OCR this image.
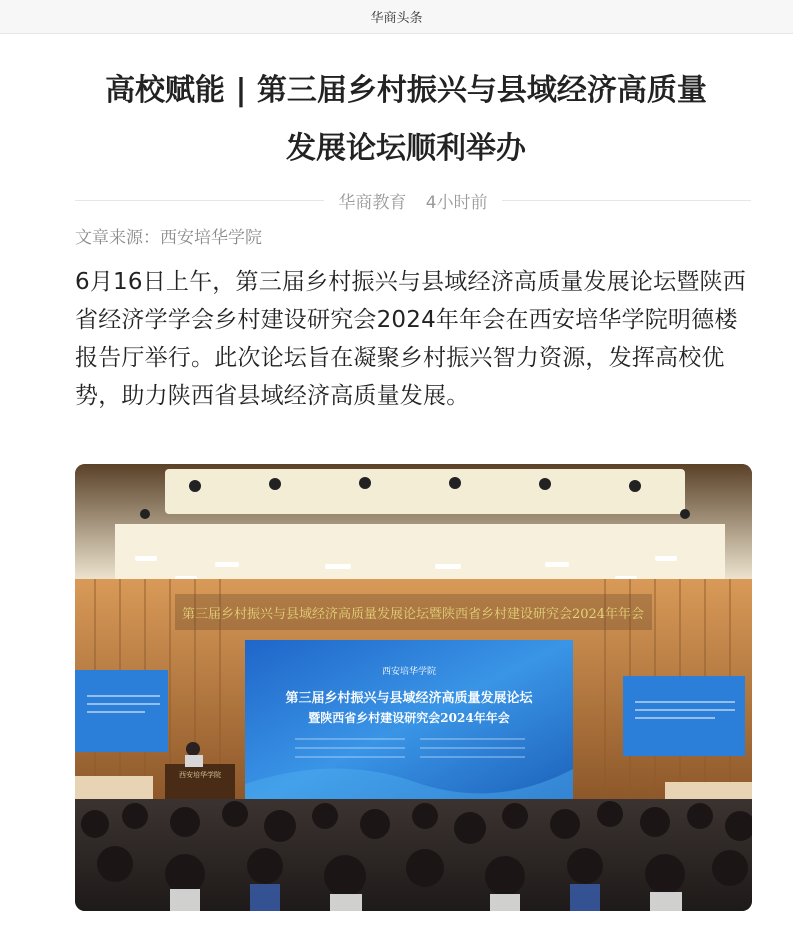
华商头条
高校赋能 | 第三届乡村振兴与县域经济高质量发展论坛顺利举办
华商教育 4小时前
文章来源：西安培华学院

6月16日上午，第三届乡村振兴与县域经济高质量发展论坛暨陕西省经济学学会乡村建设研究会2024年年会在西安培华学院明德楼报告厅举行。此次论坛旨在凝聚乡村振兴智力资源，发挥高校优势，助力陕西省县域经济高质量发展。

第三届乡村振兴与县域经济高质量发展论坛暨陕西省乡村建设研究会2024年年会
西安培华学院
第三届乡村振兴与县域经济高质量发展论坛
暨陕西省乡村建设研究会2024年年会
西安培华学院
